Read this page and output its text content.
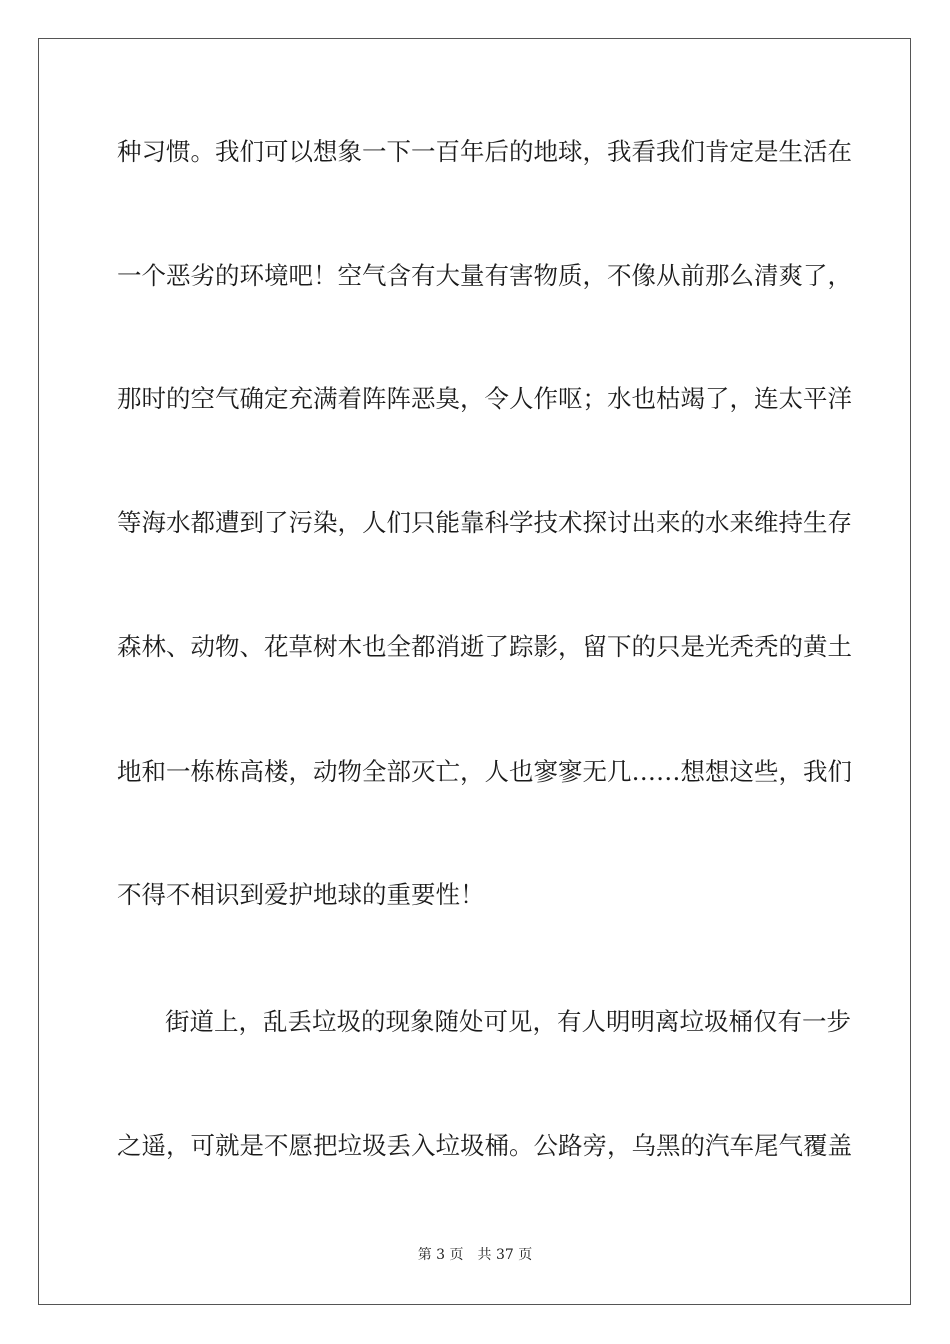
种习惯。我们可以想象一下一百年后的地球，我看我们肯定是生活在
一个恶劣的环境吧！空气含有大量有害物质，不像从前那么清爽了，
那时的空气确定充满着阵阵恶臭，令人作呕；水也枯竭了，连太平洋
等海水都遭到了污染，人们只能靠科学技术探讨出来的水来维持生存
森林、动物、花草树木也全都消逝了踪影，留下的只是光秃秃的黄土
地和一栋栋高楼，动物全部灭亡，人也寥寥无几……想想这些，我们
不得不相识到爱护地球的重要性！
街道上，乱丢垃圾的现象随处可见，有人明明离垃圾桶仅有一步
之遥，可就是不愿把垃圾丢入垃圾桶。公路旁，乌黑的汽车尾气覆盖
第 3 页 共 37 页
